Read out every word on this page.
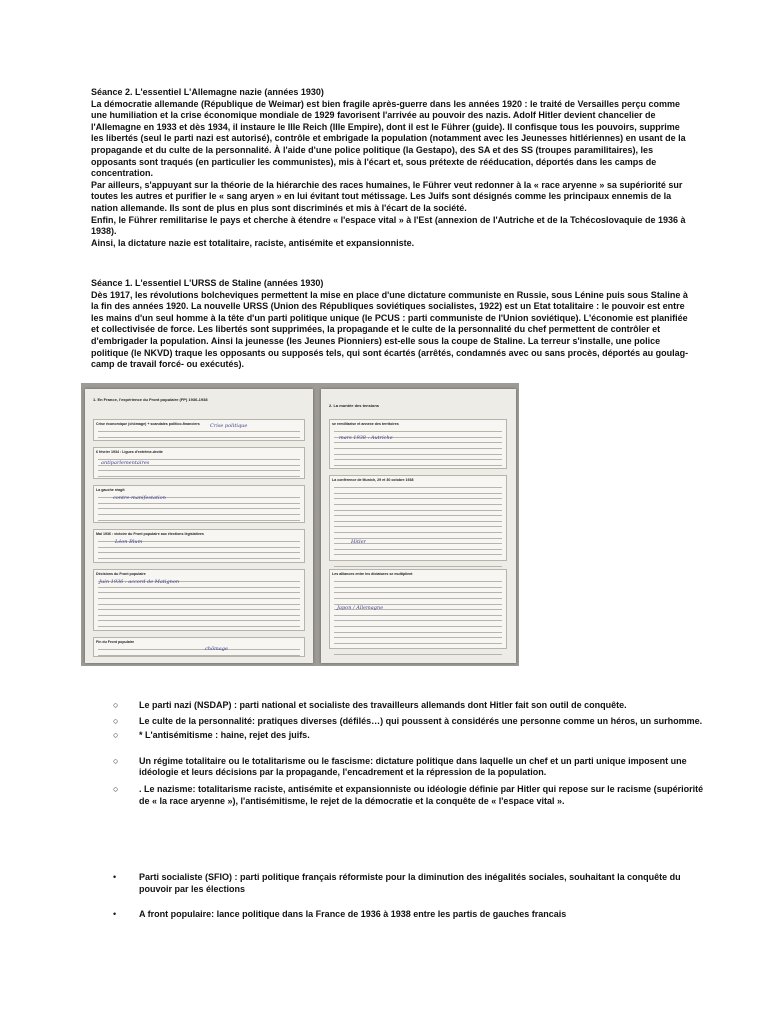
Séance 2. L'essentiel L'Allemagne nazie (années 1930)

La démocratie allemande (République de Weimar) est bien fragile après-guerre dans les années 1920 : le traité de Versailles perçu comme une humiliation et la crise économique mondiale de 1929 favorisent l'arrivée au pouvoir des nazis. Adolf Hitler devient chancelier de l'Allemagne en 1933 et dès 1934, il instaure le IIIe Reich (IIIe Empire), dont il est le Führer (guide). Il confisque tous les pouvoirs, supprime les libertés (seul le parti nazi est autorisé), contrôle et embrigade la population (notamment avec les Jeunesses hitlériennes) en usant de la propagande et du culte de la personnalité. À l'aide d'une police politique (la Gestapo), des SA et des SS (troupes paramilitaires), les opposants sont traqués (en particulier les communistes), mis à l'écart et, sous prétexte de rééducation, déportés dans les camps de concentration.

Par ailleurs, s'appuyant sur la théorie de la hiérarchie des races humaines, le Führer veut redonner à la « race aryenne » sa supériorité sur toutes les autres et purifier le « sang aryen » en lui évitant tout métissage. Les Juifs sont désignés comme les principaux ennemis de la nation allemande. Ils sont de plus en plus sont discriminés et mis à l'écart de la société.

Enfin, le Führer remilitarise le pays et cherche à étendre « l'espace vital » à l'Est (annexion de l'Autriche et de la Tchécoslovaquie de 1936 à 1938).

Ainsi, la dictature nazie est totalitaire, raciste, antisémite et expansionniste.

Séance 1. L'essentiel L'URSS de Staline (années 1930)

Dès 1917, les révolutions bolcheviques permettent la mise en place d'une dictature communiste en Russie, sous Lénine puis sous Staline à la fin des années 1920. La nouvelle URSS (Union des Républiques soviétiques socialistes, 1922) est un Etat totalitaire : le pouvoir est entre les mains d'un seul homme à la tête d'un parti politique unique (le PCUS : parti communiste de l'Union soviétique). L'économie est planifiée et collectivisée de force. Les libertés sont supprimées, la propagande et le culte de la personnalité du chef permettent de contrôler et d'embrigader la population. Ainsi la jeunesse (les Jeunes Pionniers) est-elle sous la coupe de Staline. La terreur s'installe, une police politique (le NKVD) traque les opposants ou supposés tels, qui sont écartés (arrêtés, condamnés avec ou sans procès, déportés au goulag-camp de travail forcé- ou exécutés).

1. En France, l'expérience du Front populaire (FP) 1936-1938
Crise économique (chômage) + scandales politico-financiers	Crise politique
6 février 1934 : Ligues d'extrême-droite
antiparlementaires
La gauche réagit
contre-manifestation
Mai 1936 : victoire du Front populaire aux élections législatives
Léon Blum
Décisions du Front populaire
Juin 1936 : accord de Matignon
Fin du Front populaire
chômage
2. La montée des tensions
se remilitarise et annexe des territoires
mars 1938 : Autriche
La conférence de Munich, 29 et 30 octobre 1938
Hitler
Les alliances entre les dictatures se multiplient
Japon / Allemagne
○	Le parti nazi (NSDAP) : parti national et socialiste des travailleurs allemands dont Hitler fait son outil de conquête.
○	Le culte de la personnalité: pratiques diverses (défilés…) qui poussent à considérés une personne comme un héros, un surhomme.
○	* L'antisémitisme : haine, rejet des juifs.
○	Un régime totalitaire ou le totalitarisme ou le fascisme: dictature politique dans laquelle un chef et un parti unique imposent une idéologie et leurs décisions par la propagande, l'encadrement et la répression de la population.
○	. Le nazisme: totalitarisme raciste, antisémite et expansionniste ou idéologie définie par Hitler qui repose sur le racisme (supériorité de « la race aryenne »), l'antisémitisme, le rejet de la démocratie et la conquête de « l'espace vital ».
•	Parti socialiste (SFIO) : parti politique français réformiste pour la diminution des inégalités sociales, souhaitant la conquête du pouvoir par les élections
•	A front populaire: lance politique dans la France de 1936 à 1938 entre les partis de gauches francais
